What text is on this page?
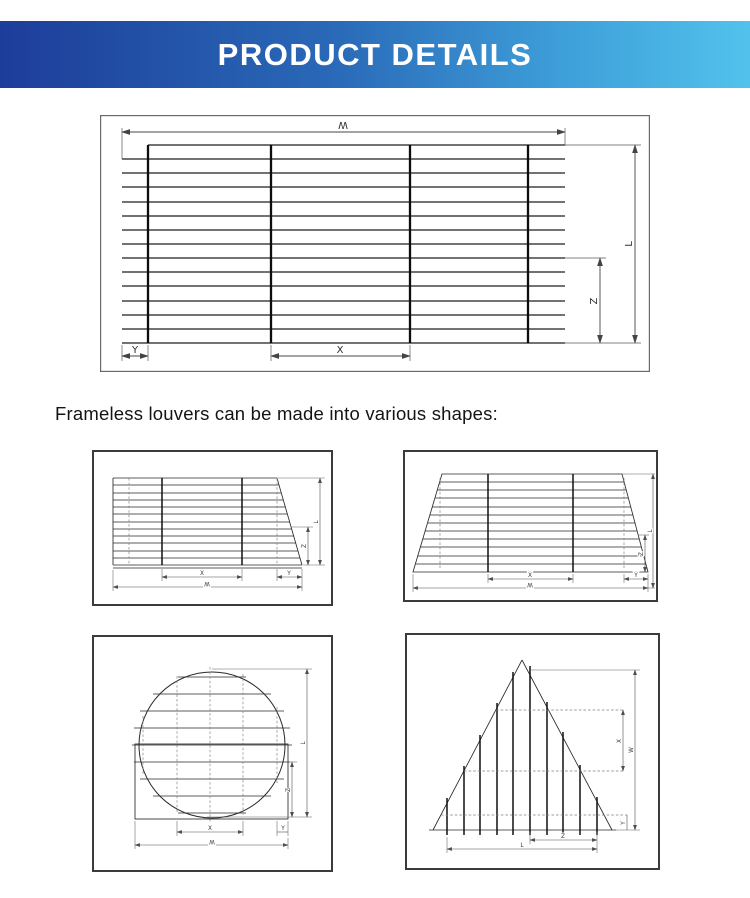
PRODUCT DETAILS
W
L
Z
X
Y

Frameless louvers can be made into various shapes:

X	Y
W
L
Z
X	Y
W
Z
L
L
Z
X	Y
W
W
X
Y
Z
L
